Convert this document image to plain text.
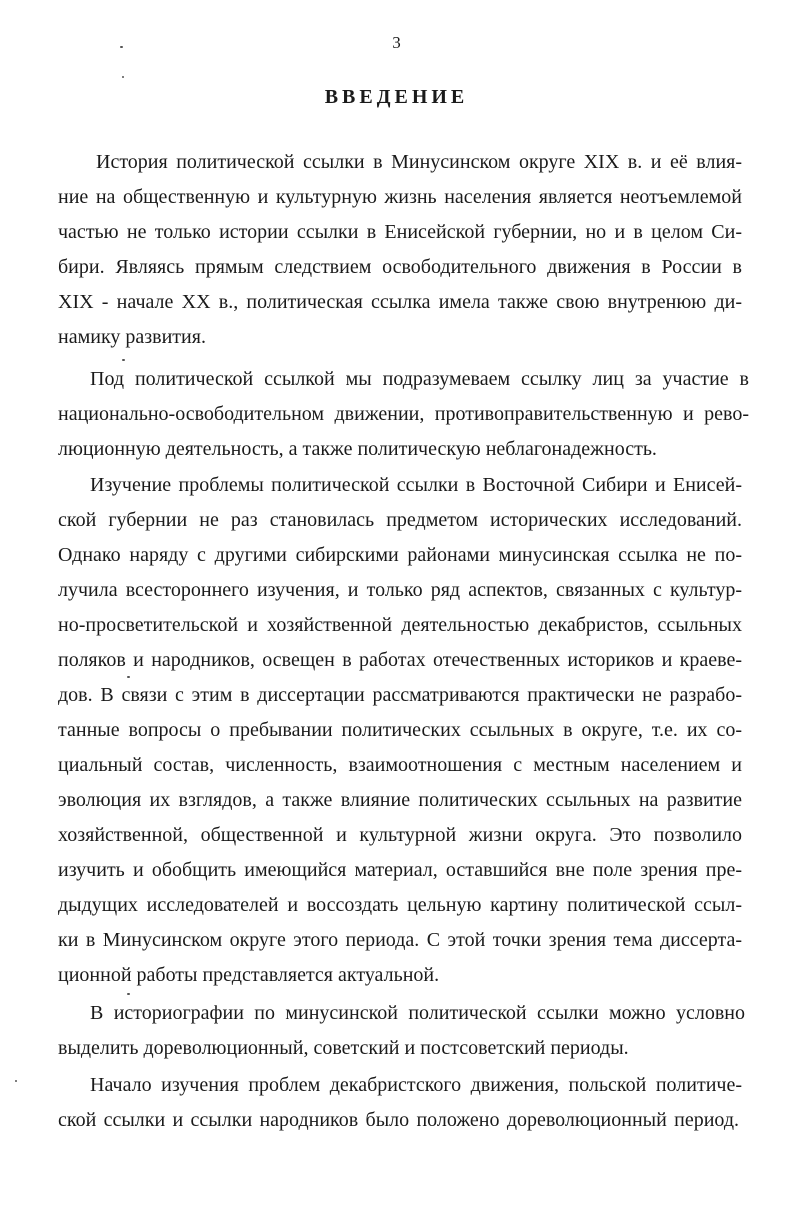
3
ВВЕДЕНИЕ
История политической ссылки в Минусинском округе XIX в. и её влия-
ние на общественную и культурную жизнь населения является неотъемлемой
частью не только истории ссылки в Енисейской губернии, но и в целом Си-
бири. Являясь прямым следствием освободительного движения в России в
XIX - начале XX в., политическая ссылка имела также свою внутренюю ди-
намику развития.
Под политической ссылкой мы подразумеваем ссылку лиц за участие в
национально-освободительном движении, противоправительственную и рево-
люционную деятельность, а также политическую неблагонадежность.
Изучение проблемы политической ссылки в Восточной Сибири и Енисей-
ской губернии не раз становилась предметом исторических исследований.
Однако наряду с другими сибирскими районами минусинская ссылка не по-
лучила всестороннего изучения, и только ряд аспектов, связанных с культур-
но-просветительской и хозяйственной деятельностью декабристов, ссыльных
поляков и народников, освещен в работах отечественных историков и краеве-
дов. В связи с этим в диссертации рассматриваются практически не разрабо-
танные вопросы о пребывании политических ссыльных в округе, т.е. их со-
циальный состав, численность, взаимоотношения с местным населением и
эволюция их взглядов, а также влияние политических ссыльных на развитие
хозяйственной, общественной и культурной жизни округа. Это позволило
изучить и обобщить имеющийся материал, оставшийся вне поле зрения пре-
дыдущих исследователей и воссоздать цельную картину политической ссыл-
ки в Минусинском округе этого периода. С этой точки зрения тема диссерта-
ционной работы представляется актуальной.
В историографии по минусинской политической ссылки можно условно
выделить дореволюционный, советский и постсоветский периоды.
Начало изучения проблем декабристского движения, польской политиче-
ской ссылки и ссылки народников было положено дореволюционный период.
